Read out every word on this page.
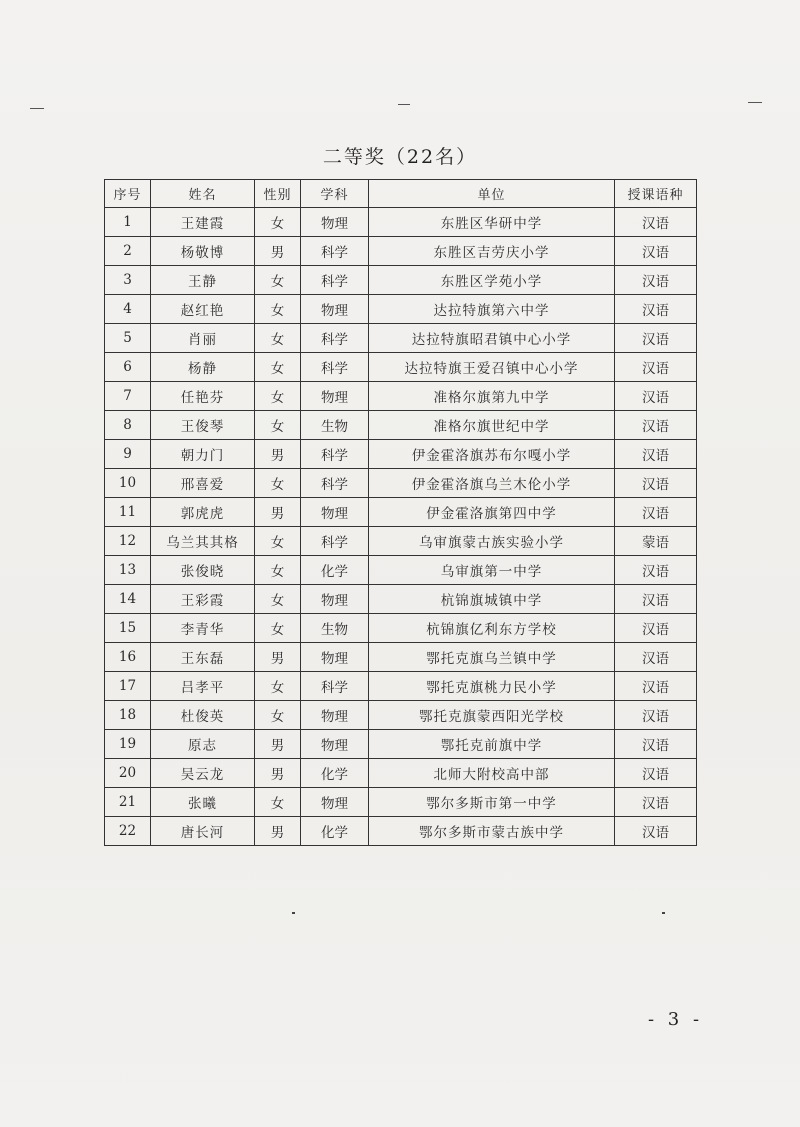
二等奖（22名）
序号	姓名	性别	学科	单位	授课语种
1	王建霞	女	物理	东胜区华研中学	汉语
2	杨敬博	男	科学	东胜区吉劳庆小学	汉语
3	王静	女	科学	东胜区学苑小学	汉语
4	赵红艳	女	物理	达拉特旗第六中学	汉语
5	肖丽	女	科学	达拉特旗昭君镇中心小学	汉语
6	杨静	女	科学	达拉特旗王爱召镇中心小学	汉语
7	任艳芬	女	物理	准格尔旗第九中学	汉语
8	王俊琴	女	生物	准格尔旗世纪中学	汉语
9	朝力门	男	科学	伊金霍洛旗苏布尔嘎小学	汉语
10	邢喜爱	女	科学	伊金霍洛旗乌兰木伦小学	汉语
11	郭虎虎	男	物理	伊金霍洛旗第四中学	汉语
12	乌兰其其格	女	科学	乌审旗蒙古族实验小学	蒙语
13	张俊晓	女	化学	乌审旗第一中学	汉语
14	王彩霞	女	物理	杭锦旗城镇中学	汉语
15	李青华	女	生物	杭锦旗亿利东方学校	汉语
16	王东磊	男	物理	鄂托克旗乌兰镇中学	汉语
17	吕孝平	女	科学	鄂托克旗桃力民小学	汉语
18	杜俊英	女	物理	鄂托克旗蒙西阳光学校	汉语
19	原志	男	物理	鄂托克前旗中学	汉语
20	吴云龙	男	化学	北师大附校高中部	汉语
21	张曦	女	物理	鄂尔多斯市第一中学	汉语
22	唐长河	男	化学	鄂尔多斯市蒙古族中学	汉语
- 3 -
